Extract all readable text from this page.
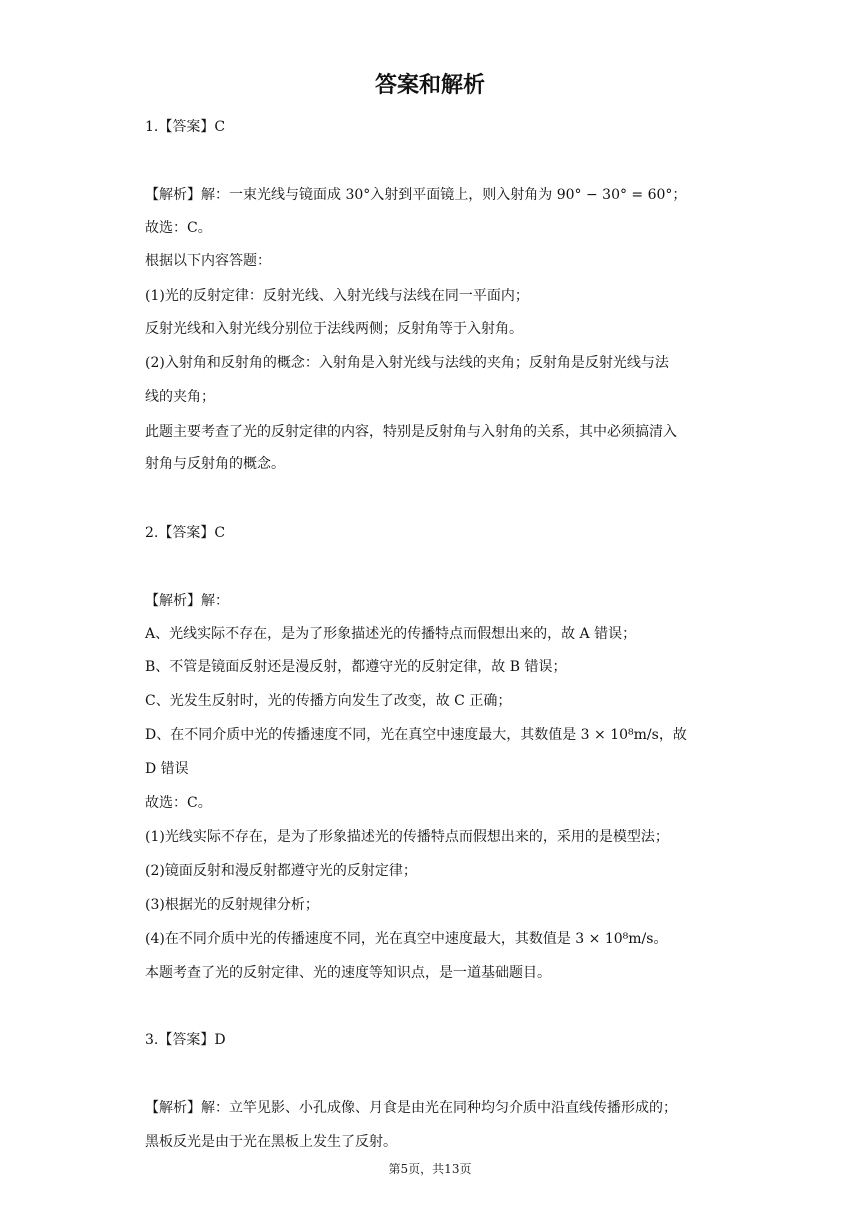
答案和解析
1.【答案】C
【解析】解：一束光线与镜面成 30°入射到平面镜上，则入射角为 90° − 30° = 60°；
故选：C。
根据以下内容答题：
(1)光的反射定律：反射光线、入射光线与法线在同一平面内；
反射光线和入射光线分别位于法线两侧；反射角等于入射角。
(2)入射角和反射角的概念：入射角是入射光线与法线的夹角；反射角是反射光线与法
线的夹角；
此题主要考查了光的反射定律的内容，特别是反射角与入射角的关系，其中必须搞清入
射角与反射角的概念。
2.【答案】C
【解析】解：
A、光线实际不存在，是为了形象描述光的传播特点而假想出来的，故 A 错误；
B、不管是镜面反射还是漫反射，都遵守光的反射定律，故 B 错误；
C、光发生反射时，光的传播方向发生了改变，故 C 正确；
D、在不同介质中光的传播速度不同，光在真空中速度最大，其数值是 3 × 10⁸m/s，故
D 错误
故选：C。
(1)光线实际不存在，是为了形象描述光的传播特点而假想出来的，采用的是模型法；
(2)镜面反射和漫反射都遵守光的反射定律；
(3)根据光的反射规律分析；
(4)在不同介质中光的传播速度不同，光在真空中速度最大，其数值是 3 × 10⁸m/s。
本题考查了光的反射定律、光的速度等知识点，是一道基础题目。
3.【答案】D
【解析】解：立竿见影、小孔成像、月食是由光在同种均匀介质中沿直线传播形成的；
黑板反光是由于光在黑板上发生了反射。
第5页，共13页
